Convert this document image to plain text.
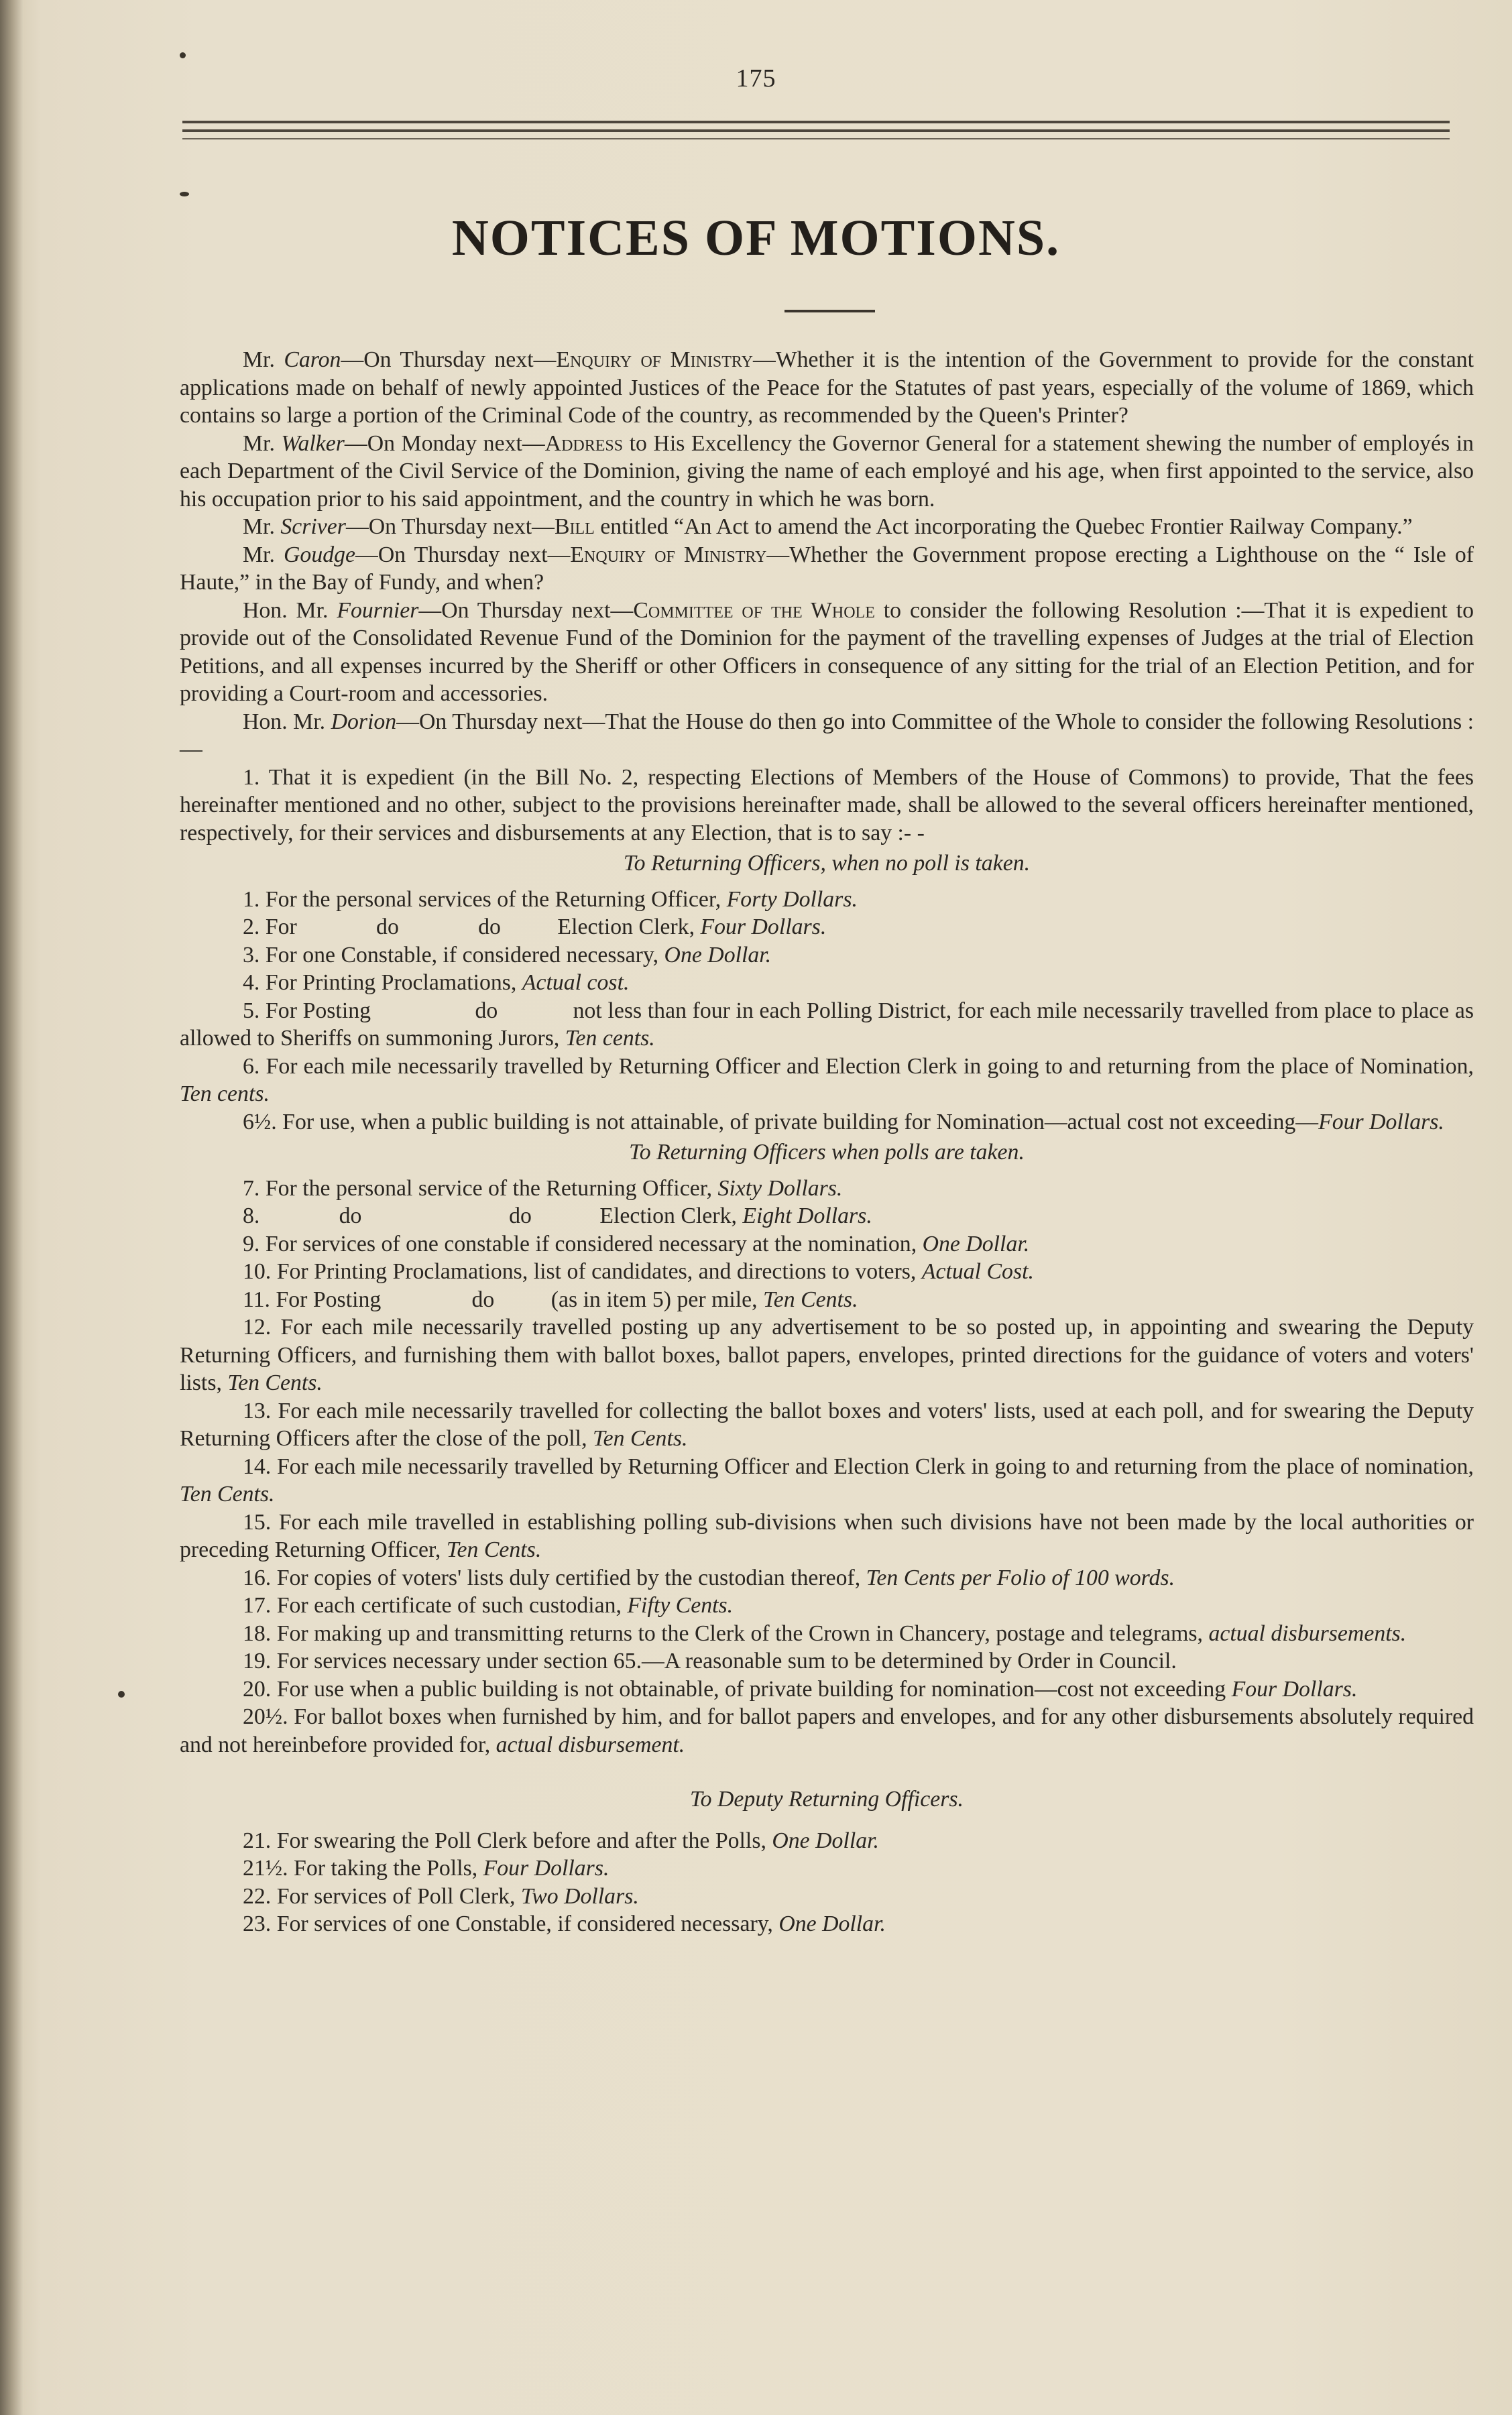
175
NOTICES OF MOTIONS.

Mr. Caron—On Thursday next—Enquiry of Ministry—Whether it is the intention of the Government to provide for the constant applications made on behalf of newly appointed Justices of the Peace for the Statutes of past years, especially of the volume of 1869, which contains so large a portion of the Criminal Code of the country, as recommended by the Queen's Printer?

Mr. Walker—On Monday next—Address to His Excellency the Governor General for a statement shewing the number of employés in each Department of the Civil Service of the Dominion, giving the name of each employé and his age, when first appointed to the service, also his occupation prior to his said appointment, and the country in which he was born.

Mr. Scriver—On Thursday next—Bill entitled “An Act to amend the Act incorporating the Quebec Frontier Railway Company.”

Mr. Goudge—On Thursday next—Enquiry of Ministry—Whether the Government propose erecting a Lighthouse on the “ Isle of Haute,” in the Bay of Fundy, and when?

Hon. Mr. Fournier—On Thursday next—Committee of the Whole to consider the following Resolution :—That it is expedient to provide out of the Consolidated Revenue Fund of the Dominion for the payment of the travelling expenses of Judges at the trial of Election Petitions, and all expenses incurred by the Sheriff or other Officers in consequence of any sitting for the trial of an Election Petition, and for providing a Court-room and accessories.

Hon. Mr. Dorion—On Thursday next—That the House do then go into Committee of the Whole to consider the following Resolutions :—

1. That it is expedient (in the Bill No. 2, respecting Elections of Members of the House of Commons) to provide, That the fees hereinafter mentioned and no other, subject to the provisions hereinafter made, shall be allowed to the several officers hereinafter mentioned, respectively, for their services and disbursements at any Election, that is to say :- -

To Returning Officers, when no poll is taken.

1. For the personal services of the Returning Officer, Forty Dollars.

2. For              do              do          Election Clerk, Four Dollars.

3. For one Constable, if considered necessary, One Dollar.

4. For Printing Proclamations, Actual cost.

5. For Posting                  do             not less than four in each Polling District, for each mile necessarily travelled from place to place as allowed to Sheriffs on summoning Jurors, Ten cents.

6. For each mile necessarily travelled by Returning Officer and Election Clerk in going to and returning from the place of Nomination, Ten cents.

6½. For use, when a public building is not attainable, of private building for Nomination—actual cost not exceeding—Four Dollars.

To Returning Officers when polls are taken.

7. For the personal service of the Returning Officer, Sixty Dollars.

8.              do                          do            Election Clerk, Eight Dollars.

9. For services of one constable if considered necessary at the nomination, One Dollar.

10. For Printing Proclamations, list of candidates, and directions to voters, Actual Cost.

11. For Posting                do          (as in item 5) per mile, Ten Cents.

12. For each mile necessarily travelled posting up any advertisement to be so posted up, in appointing and swearing the Deputy Returning Officers, and furnishing them with ballot boxes, ballot papers, envelopes, printed directions for the guidance of voters and voters' lists, Ten Cents.

13. For each mile necessarily travelled for collecting the ballot boxes and voters' lists, used at each poll, and for swearing the Deputy Returning Officers after the close of the poll, Ten Cents.

14. For each mile necessarily travelled by Returning Officer and Election Clerk in going to and returning from the place of nomination, Ten Cents.

15. For each mile travelled in establishing polling sub-divisions when such divisions have not been made by the local authorities or preceding Returning Officer, Ten Cents.

16. For copies of voters' lists duly certified by the custodian thereof, Ten Cents per Folio of 100 words.

17. For each certificate of such custodian, Fifty Cents.

18. For making up and transmitting returns to the Clerk of the Crown in Chancery, postage and telegrams, actual disbursements.

19. For services necessary under section 65.—A reasonable sum to be determined by Order in Council.

20. For use when a public building is not obtainable, of private building for nomination—cost not exceeding Four Dollars.

20½. For ballot boxes when furnished by him, and for ballot papers and envelopes, and for any other disbursements absolutely required and not hereinbefore provided for, actual disbursement.

To Deputy Returning Officers.

21. For swearing the Poll Clerk before and after the Polls, One Dollar.

21½. For taking the Polls, Four Dollars.

22. For services of Poll Clerk, Two Dollars.

23. For services of one Constable, if considered necessary, One Dollar.
